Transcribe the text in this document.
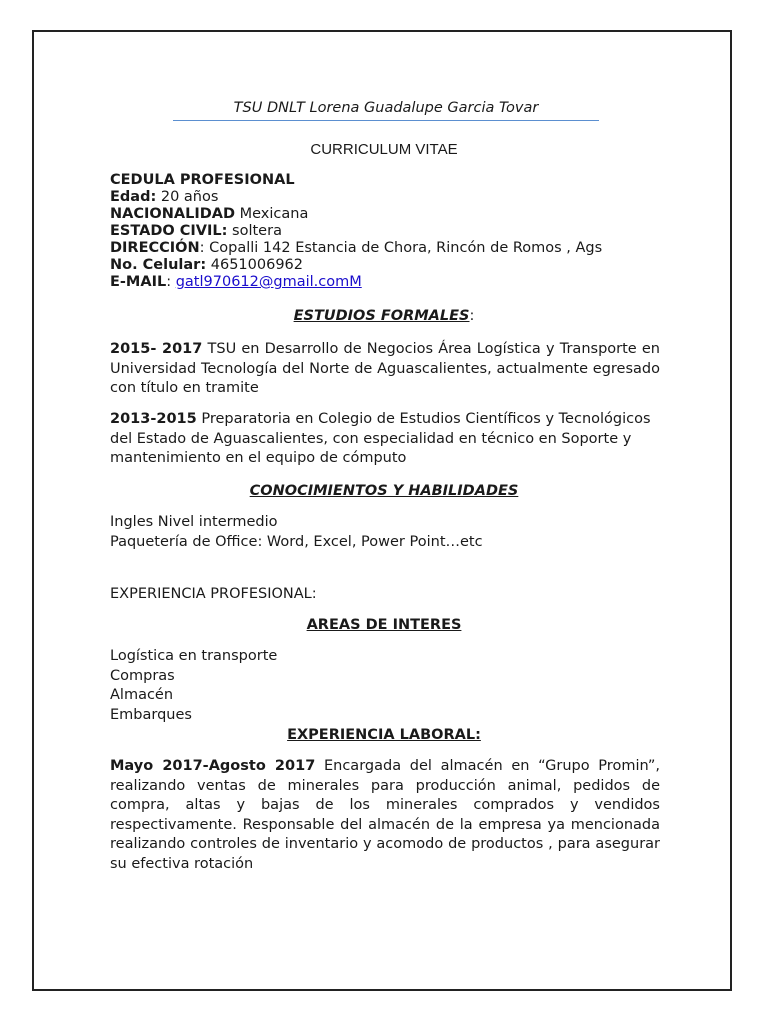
TSU DNLT Lorena Guadalupe Garcia Tovar
CURRICULUM VITAE
CEDULA PROFESIONAL
Edad: 20 años
NACIONALIDAD Mexicana
ESTADO CIVIL: soltera
DIRECCIÓN: Copalli 142 Estancia de Chora, Rincón de Romos , Ags
No. Celular: 4651006962
E-MAIL: gatl970612@gmail.comM
ESTUDIOS FORMALES:
2015- 2017 TSU en Desarrollo de Negocios Área Logística y Transporte en Universidad Tecnología del Norte de Aguascalientes, actualmente egresado con título en tramite
2013-2015 Preparatoria en Colegio de Estudios Científicos y Tecnológicos del Estado de Aguascalientes, con especialidad en técnico en Soporte y mantenimiento en el equipo de cómputo
CONOCIMIENTOS Y HABILIDADES
Ingles Nivel intermedio
Paquetería de Office: Word, Excel, Power Point…etc
EXPERIENCIA PROFESIONAL:
AREAS DE INTERES
Logística en transporte
Compras
Almacén
Embarques
EXPERIENCIA LABORAL:
Mayo 2017-Agosto 2017 Encargada del almacén en “Grupo Promin”, realizando ventas de minerales para producción animal, pedidos de compra, altas y bajas de los minerales comprados y vendidos respectivamente. Responsable del almacén de la empresa ya mencionada realizando controles de inventario y acomodo de productos , para asegurar su efectiva rotación
